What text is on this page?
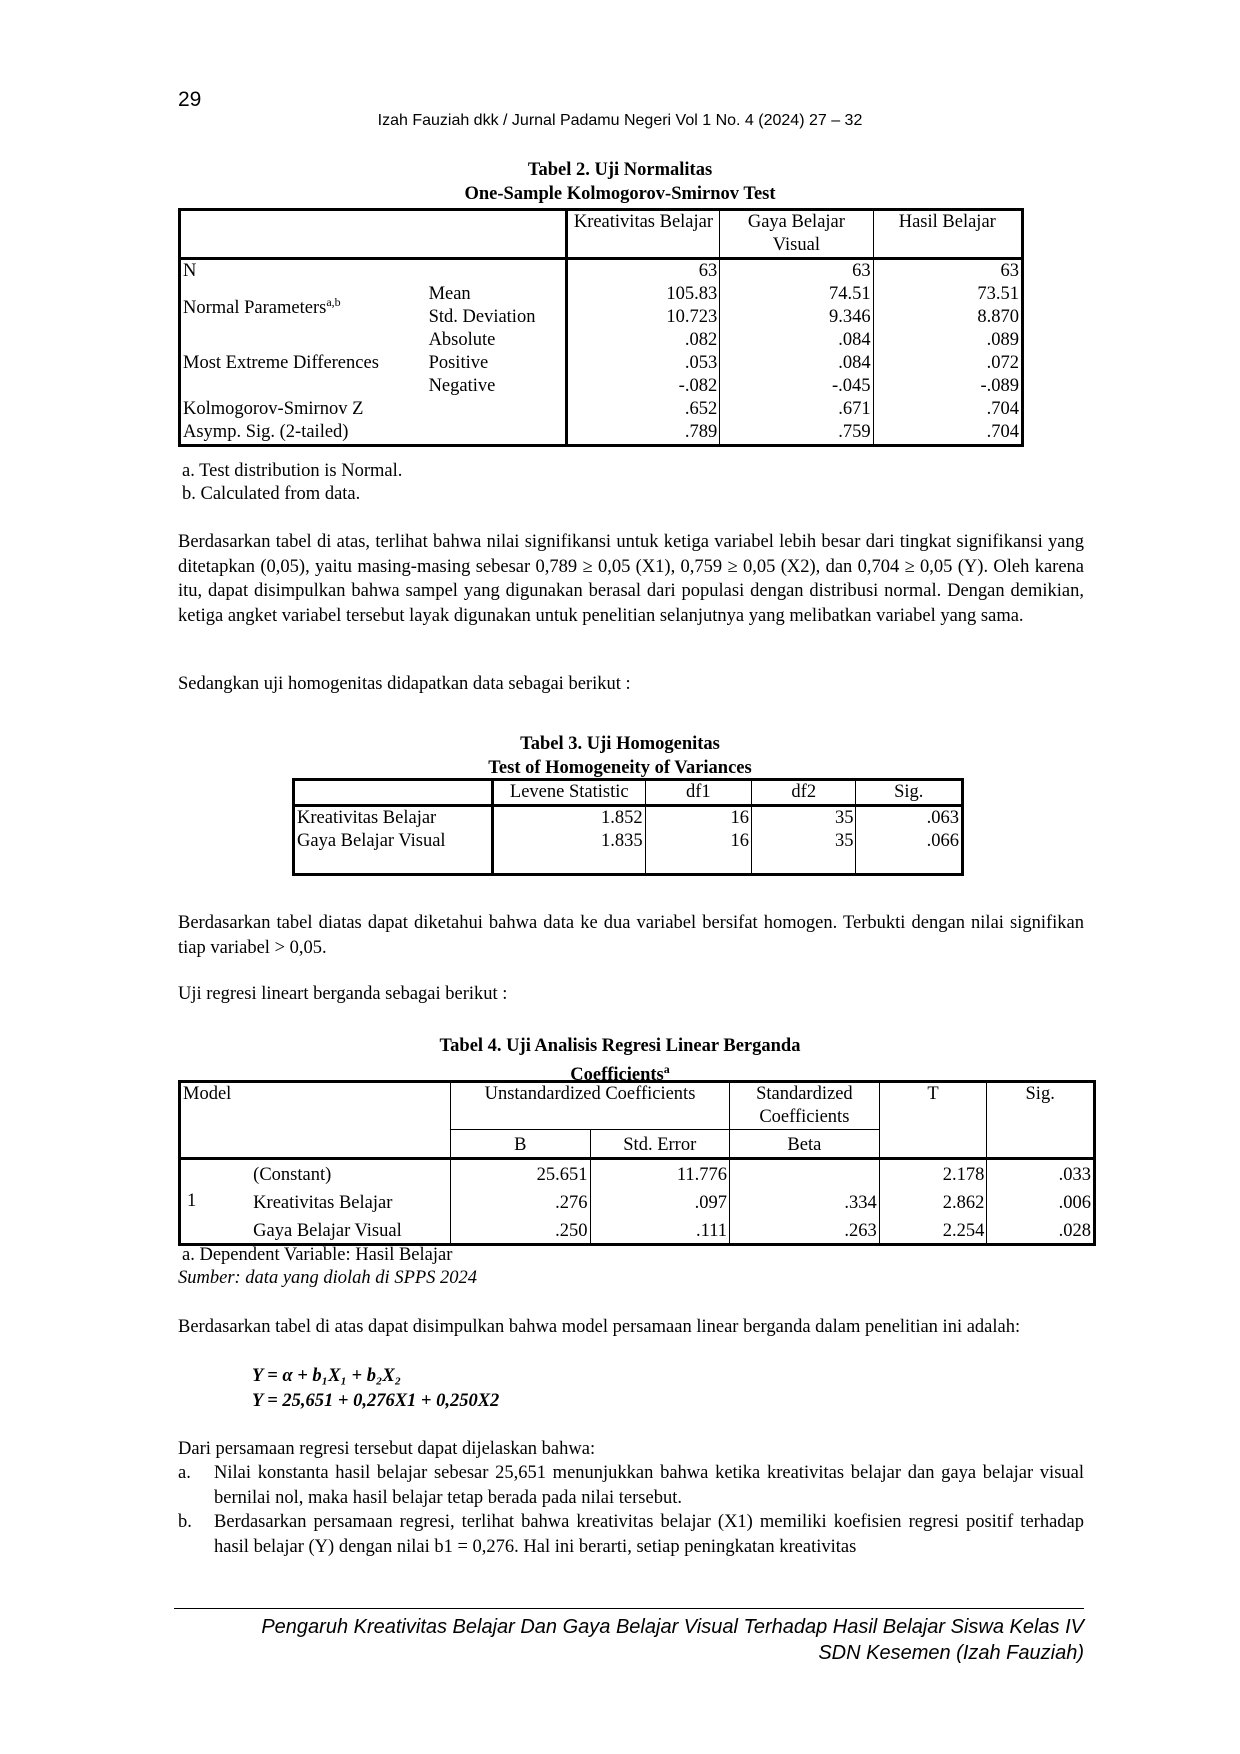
29
Izah Fauziah dkk / Jurnal Padamu Negeri Vol 1 No. 4 (2024) 27 – 32
Tabel 2. Uji Normalitas
One-Sample Kolmogorov-Smirnov Test
		Kreativitas Belajar	Gaya Belajar Visual	Hasil Belajar
N		63	63	63
Normal Parameters$^{a,b}$	Mean	105.83	74.51	73.51
	Std. Deviation	10.723	9.346	8.870
Most Extreme Differences	Absolute	.082	.084	.089
	Positive	.053	.084	.072
	Negative	-.082	-.045	-.089
Kolmogorov-Smirnov Z		.652	.671	.704
Asymp. Sig. (2-tailed)		.789	.759	.704
a. Test distribution is Normal.
b. Calculated from data.
Berdasarkan tabel di atas, terlihat bahwa nilai signifikansi untuk ketiga variabel lebih besar dari tingkat signifikansi yang ditetapkan (0,05), yaitu masing-masing sebesar 0,789 ≥ 0,05 (X1), 0,759 ≥ 0,05 (X2), dan 0,704 ≥ 0,05 (Y). Oleh karena itu, dapat disimpulkan bahwa sampel yang digunakan berasal dari populasi dengan distribusi normal. Dengan demikian, ketiga angket variabel tersebut layak digunakan untuk penelitian selanjutnya yang melibatkan variabel yang sama.
Sedangkan uji homogenitas didapatkan data sebagai berikut :
Tabel 3. Uji Homogenitas
Test of Homogeneity of Variances
	Levene Statistic	df1	df2	Sig.
Kreativitas Belajar	1.852	16	35	.063
Gaya Belajar Visual	1.835	16	35	.066

Berdasarkan tabel diatas dapat diketahui bahwa data ke dua variabel bersifat homogen. Terbukti dengan nilai signifikan tiap variabel > 0,05.
Uji regresi lineart berganda sebagai berikut :
Tabel 4. Uji Analisis Regresi Linear Berganda
Coefficients$^a$
Model		Unstandardized Coefficients		Standardized Coefficients	T	Sig.
		B	Std. Error	Beta		
1	(Constant)	25.651	11.776		2.178	.033
	Kreativitas Belajar	.276	.097	.334	2.862	.006
	Gaya Belajar Visual	.250	.111	.263	2.254	.028
a. Dependent Variable: Hasil Belajar
Sumber: data yang diolah di SPPS 2024
Berdasarkan tabel di atas dapat disimpulkan bahwa model persamaan linear berganda dalam penelitian ini adalah:
Y = α + b₁X₁ + b₂X₂
Y = 25,651 + 0,276X1 + 0,250X2
Dari persamaan regresi tersebut dapat dijelaskan bahwa:
a.	Nilai konstanta hasil belajar sebesar 25,651 menunjukkan bahwa ketika kreativitas belajar dan gaya belajar visual bernilai nol, maka hasil belajar tetap berada pada nilai tersebut.
b.	Berdasarkan persamaan regresi, terlihat bahwa kreativitas belajar (X1) memiliki koefisien regresi positif terhadap hasil belajar (Y) dengan nilai b1 = 0,276. Hal ini berarti, setiap peningkatan kreativitas
Pengaruh Kreativitas Belajar Dan Gaya Belajar Visual Terhadap Hasil Belajar Siswa Kelas IV
SDN Kesemen (Izah Fauziah)
